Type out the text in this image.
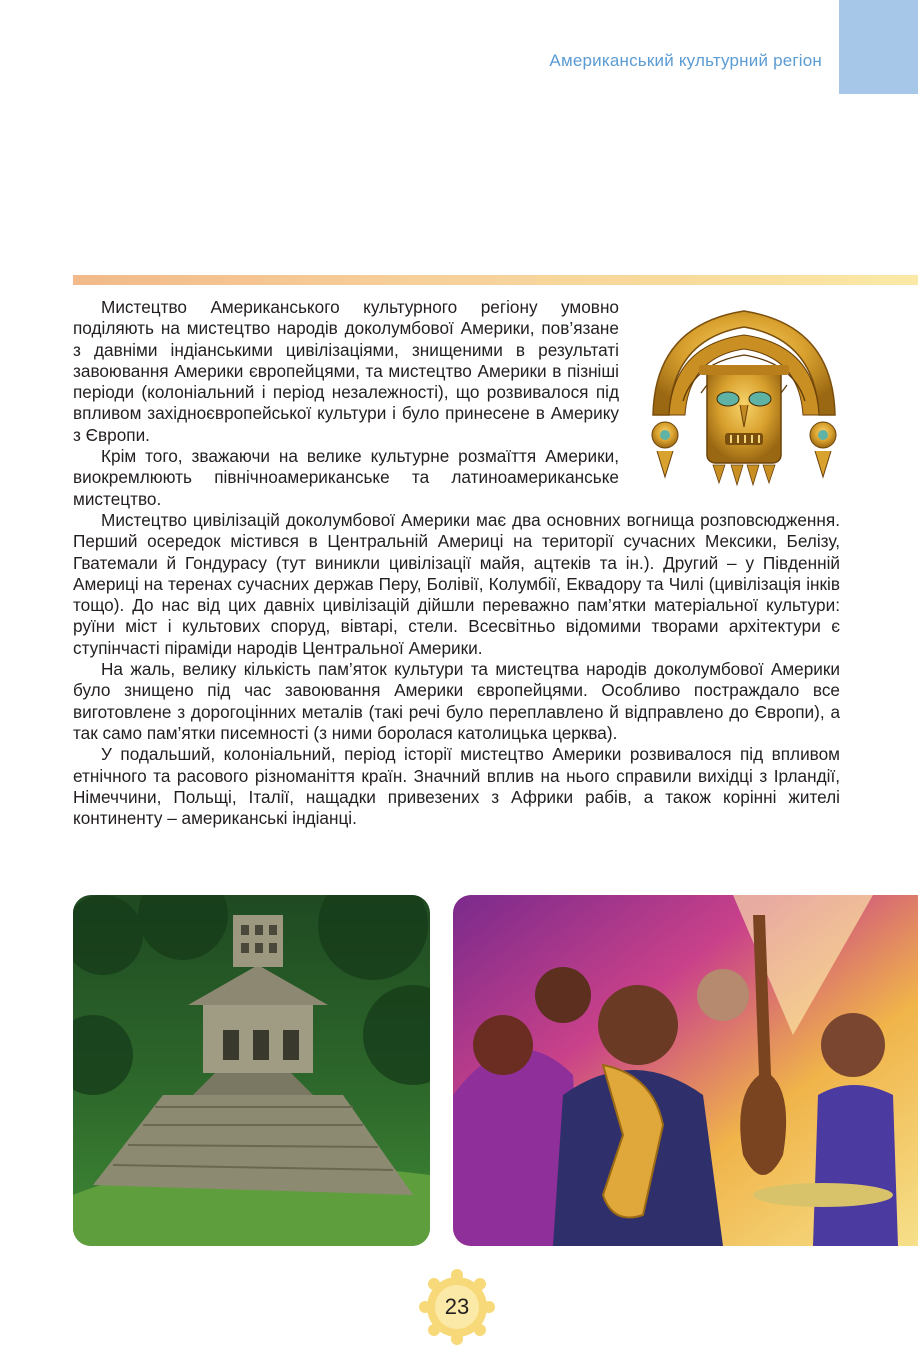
Американський культурний регіон

Мистецтво Американського культурного регіону умовно поділяють на мистецтво народів доколумбової Америки, пов’язане з давніми індіанськими цивілізаціями, знищеними в результаті завоювання Америки європейцями, та мистецтво Америки в пізніші періоди (колоніальний і період незалежності), що розвивалося під впливом західноєвропейської культури і було принесене в Америку з Європи.

Крім того, зважаючи на велике культурне розмаїття Америки, виокремлюють північноамериканське та латиноамериканське мистецтво.

Мистецтво цивілізацій доколумбової Америки має два основних вогнища розповсюдження. Перший осередок містився в Центральній Америці на території сучасних Мексики, Белізу, Гватемали й Гондурасу (тут виникли цивілізації майя, ацтеків та ін.). Другий – у Південній Америці на теренах сучасних держав Перу, Болівії, Колумбії, Еквадору та Чилі (цивілізація інків тощо). До нас від цих давніх цивілізацій дійшли переважно пам’ятки матеріальної культури: руїни міст і культових споруд, вівтарі, стели. Всесвітньо відомими творами архітектури є ступінчасті піраміди народів Центральної Америки.

На жаль, велику кількість пам’яток культури та мистецтва народів доколумбової Америки було знищено під час завоювання Америки європейцями. Особливо постраждало все виготовлене з дорогоцінних металів (такі речі було переплавлено й відправлено до Європи), а так само пам’ятки писемності (з ними боролася католицька церква).

У подальший, колоніальний, період історії мистецтво Америки розвивалося під впливом етнічного та расового різноманіття країн. Значний вплив на нього справили вихідці з Ірландії, Німеччини, Польщі, Італії, нащадки привезених з Африки рабів, а також корінні жителі континенту – американські індіанці.

23
